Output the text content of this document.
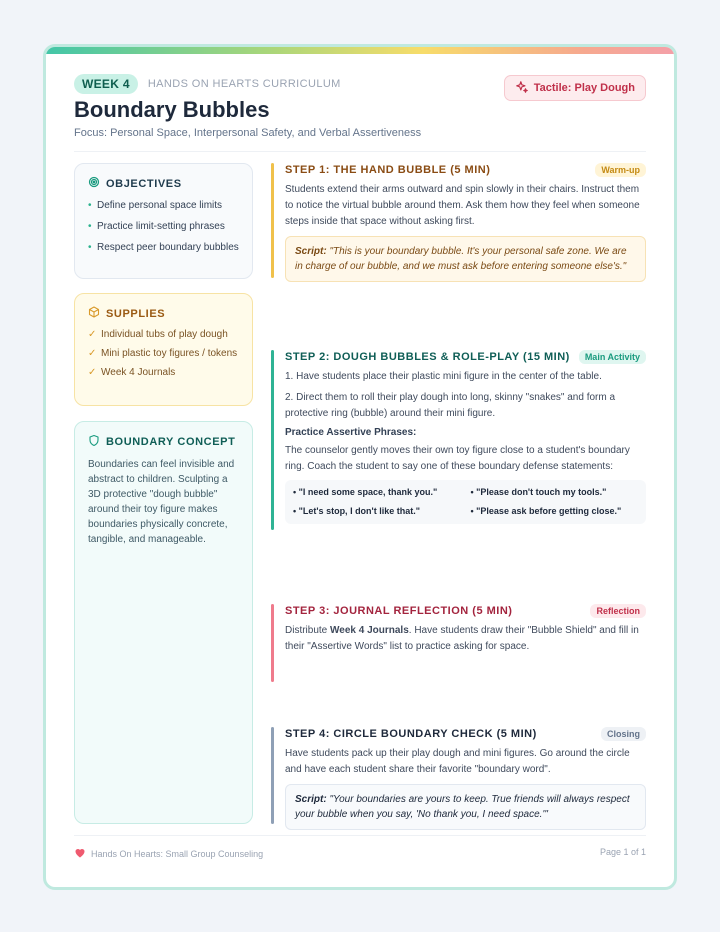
WEEK 4	HANDS ON HEARTS CURRICULUM
Boundary Bubbles
Focus: Personal Space, Interpersonal Safety, and Verbal Assertiveness
Tactile: Play Dough
OBJECTIVES
• Define personal space limits
• Practice limit-setting phrases
• Respect peer boundary bubbles
SUPPLIES
✓ Individual tubs of play dough
✓ Mini plastic toy figures / tokens
✓ Week 4 Journals
BOUNDARY CONCEPT

Boundaries can feel invisible and abstract to children. Sculpting a 3D protective "dough bubble" around their toy figure makes boundaries physically concrete, tangible, and manageable.

STEP 1: THE HAND BUBBLE (5 MIN)	Warm-up

Students extend their arms outward and spin slowly in their chairs. Instruct them to notice the virtual bubble around them. Ask them how they feel when someone steps inside that space without asking first.

Script: "This is your boundary bubble. It's your personal safe zone. We are in charge of our bubble, and we must ask before entering someone else's."
STEP 2: DOUGH BUBBLES & ROLE-PLAY (15 MIN)	Main Activity

1. Have students place their plastic mini figure in the center of the table.

2. Direct them to roll their play dough into long, skinny "snakes" and form a protective ring (bubble) around their mini figure.

Practice Assertive Phrases:

The counselor gently moves their own toy figure close to a student's boundary ring. Coach the student to say one of these boundary defense statements:

• "I need some space, thank you."	• "Please don't touch my tools."
• "Let's stop, I don't like that."	• "Please ask before getting close."
STEP 3: JOURNAL REFLECTION (5 MIN)	Reflection

Distribute Week 4 Journals. Have students draw their "Bubble Shield" and fill in their "Assertive Words" list to practice asking for space.

STEP 4: CIRCLE BOUNDARY CHECK (5 MIN)	Closing

Have students pack up their play dough and mini figures. Go around the circle and have each student share their favorite "boundary word".

Script: "Your boundaries are yours to keep. True friends will always respect your bubble when you say, 'No thank you, I need space.'"
Hands On Hearts: Small Group Counseling	Page 1 of 1
